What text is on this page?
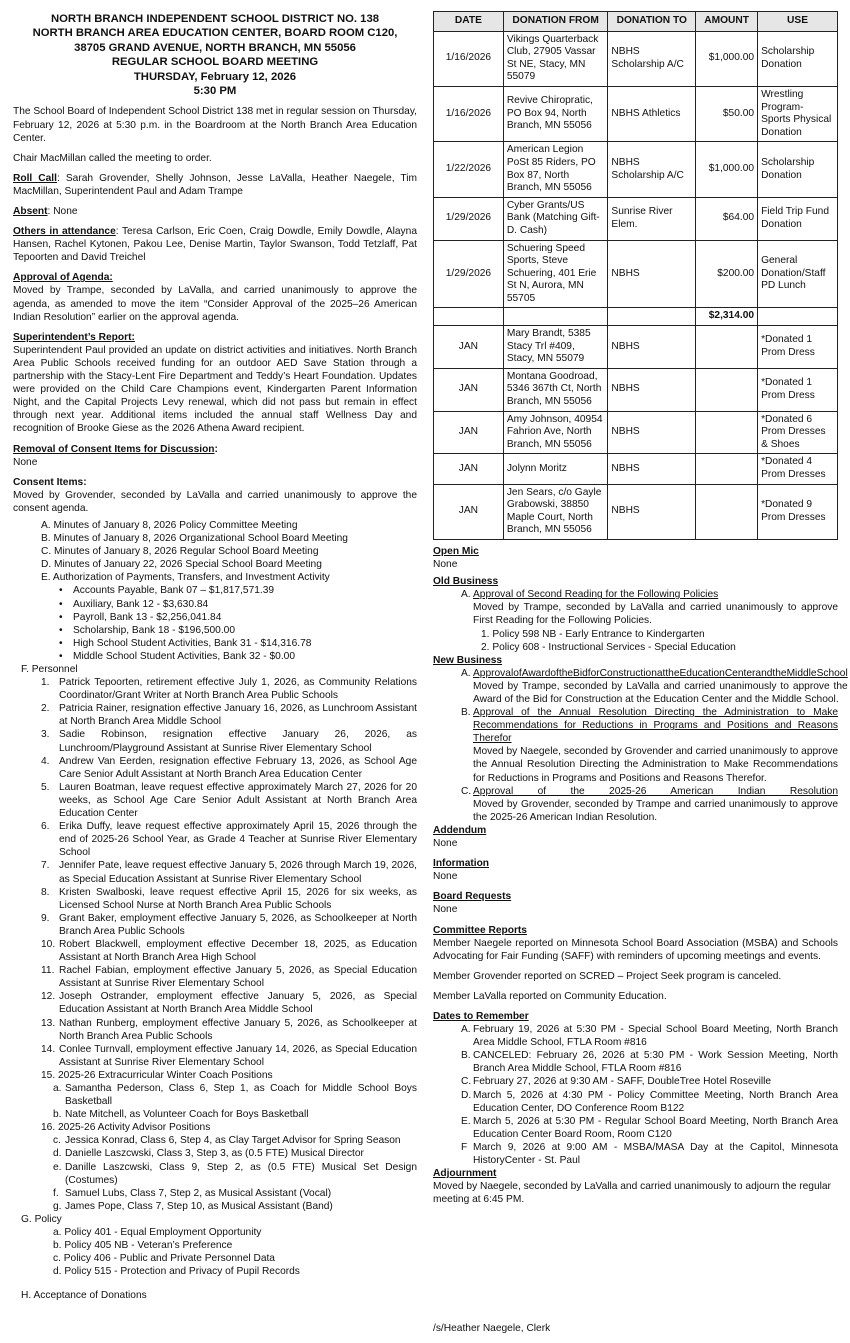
NORTH BRANCH INDEPENDENT SCHOOL DISTRICT NO. 138
NORTH BRANCH AREA EDUCATION CENTER, BOARD ROOM C120,
38705 GRAND AVENUE, NORTH BRANCH, MN 55056
REGULAR SCHOOL BOARD MEETING
THURSDAY, February 12, 2026
5:30 PM

The School Board of Independent School District 138 met in regular session on Thursday, February 12, 2026 at 5:30 p.m. in the Boardroom at the North Branch Area Education Center.

Chair MacMillan called the meeting to order.

Roll Call: Sarah Grovender, Shelly Johnson, Jesse LaValla, Heather Naegele, Tim MacMillan, Superintendent Paul and Adam Trampe

Absent: None

Others in attendance: Teresa Carlson, Eric Coen, Craig Dowdle, Emily Dowdle, Alayna Hansen, Rachel Kytonen, Pakou Lee, Denise Martin, Taylor Swanson, Todd Tetzlaff, Pat Tepoorten and David Treichel

Approval of Agenda:

Moved by Trampe, seconded by LaValla, and carried unanimously to approve the agenda, as amended to move the item “Consider Approval of the 2025–26 American Indian Resolution” earlier on the approval agenda.

Superintendent’s Report:

Superintendent Paul provided an update on district activities and initiatives. North Branch Area Public Schools received funding for an outdoor AED Save Station through a partnership with the Stacy-Lent Fire Department and Teddy’s Heart Foundation. Updates were provided on the Child Care Champions event, Kindergarten Parent Information Night, and the Capital Projects Levy renewal, which did not pass but remain in effect through next year. Additional items included the annual staff Wellness Day and recognition of Brooke Giese as the 2026 Athena Award recipient.

Removal of Consent Items for Discussion:

None

Consent Items:

Moved by Grovender, seconded by LaValla and carried unanimously to approve the consent agenda.

A. Minutes of January 8, 2026 Policy Committee Meeting
B. Minutes of January 8, 2026 Organizational School Board Meeting
C. Minutes of January 8, 2026 Regular School Board Meeting
D. Minutes of January 22, 2026 Special School Board Meeting
E. Authorization of Payments, Transfers, and Investment Activity
•	Accounts Payable, Bank 07 – $1,817,571.39
•	Auxiliary, Bank 12 - $3,630.84
•	Payroll, Bank 13 - $2,256,041.84
•	Scholarship, Bank 18 - $196,500.00
•	High School Student Activities, Bank 31 - $14,316.78
•	Middle School Student Activities, Bank 32 - $0.00
F. Personnel
1. Patrick Tepoorten, retirement effective July 1, 2026, as Community Relations Coordinator/Grant Writer at North Branch Area Public Schools
2. Patricia Rainer, resignation effective January 16, 2026, as Lunchroom Assistant at North Branch Area Middle School
3. Sadie Robinson, resignation effective January 26, 2026, as Lunchroom/Playground Assistant at Sunrise River Elementary School
4. Andrew Van Eerden, resignation effective February 13, 2026, as School Age Care Senior Adult Assistant at North Branch Area Education Center
5. Lauren Boatman, leave request effective approximately March 27, 2026 for 20 weeks, as School Age Care Senior Adult Assistant at North Branch Area Education Center
6. Erika Duffy, leave request effective approximately April 15, 2026 through the end of 2025-26 School Year, as Grade 4 Teacher at Sunrise River Elementary School
7. Jennifer Pate, leave request effective January 5, 2026 through March 19, 2026, as Special Education Assistant at Sunrise River Elementary School
8. Kristen Swalboski, leave request effective April 15, 2026 for six weeks, as Licensed School Nurse at North Branch Area Public Schools
9. Grant Baker, employment effective January 5, 2026, as Schoolkeeper at North Branch Area Public Schools
10. Robert Blackwell, employment effective December 18, 2025, as Education Assistant at North Branch Area High School
11. Rachel Fabian, employment effective January 5, 2026, as Special Education Assistant at Sunrise River Elementary School
12. Joseph Ostrander, employment effective January 5, 2026, as Special Education Assistant at North Branch Area Middle School
13. Nathan Runberg, employment effective January 5, 2026, as Schoolkeeper at North Branch Area Public Schools
14. Conlee Turnvall, employment effective January 14, 2026, as Special Education Assistant at Sunrise River Elementary School
15. 2025-26 Extracurricular Winter Coach Positions
a. Samantha Pederson, Class 6, Step 1, as Coach for Middle School Boys Basketball
b. Nate Mitchell, as Volunteer Coach for Boys Basketball
16. 2025-26 Activity Advisor Positions
c. Jessica Konrad, Class 6, Step 4, as Clay Target Advisor for Spring Season
d. Danielle Laszcwski, Class 3, Step 3, as (0.5 FTE) Musical Director
e. Danille Laszcwski, Class 9, Step 2, as (0.5 FTE) Musical Set Design (Costumes)
f. Samuel Lubs, Class 7, Step 2, as Musical Assistant (Vocal)
g. James Pope, Class 7, Step 10, as Musical Assistant (Band)
G. Policy
a. Policy 401 - Equal Employment Opportunity
b. Policy 405 NB - Veteran’s Preference
c. Policy 406 - Public and Private Personnel Data
d. Policy 515 - Protection and Privacy of Pupil Records
H. Acceptance of Donations
DATE	DONATION FROM	DONATION TO	AMOUNT	USE
1/16/2026	Vikings Quarterback Club, 27905 Vassar St NE, Stacy, MN 55079	NBHS Scholarship A/C	$1,000.00	Scholarship Donation
1/16/2026	Revive Chiropratic, PO Box 94, North Branch, MN 55056	NBHS Athletics	$50.00	Wrestling Program- Sports Physical Donation
1/22/2026	American Legion PoSt 85 Riders, PO Box 87, North Branch, MN 55056	NBHS Scholarship A/C	$1,000.00	Scholarship Donation
1/29/2026	Cyber Grants/US Bank (Matching Gift-D. Cash)	Sunrise River Elem.	$64.00	Field Trip Fund Donation
1/29/2026	Schuering Speed Sports, Steve Schuering, 401 Erie St N, Aurora, MN 55705	NBHS	$200.00	General Donation/Staff PD Lunch
			$2,314.00	
JAN	Mary Brandt, 5385 Stacy Trl #409, Stacy, MN 55079	NBHS		*Donated 1 Prom Dress
JAN	Montana Goodroad, 5346 367th Ct, North Branch, MN 55056	NBHS		*Donated 1 Prom Dress
JAN	Amy Johnson, 40954 Fahrion Ave, North Branch, MN 55056	NBHS		*Donated 6 Prom Dresses & Shoes
JAN	Jolynn Moritz	NBHS		*Donated 4 Prom Dresses
JAN	Jen Sears, c/o Gayle Grabowski, 38850 Maple Court, North Branch, MN 55056	NBHS		*Donated 9 Prom Dresses
Open Mic
None
Old Business
A. Approval of Second Reading for the Following Policies
Moved by Trampe, seconded by LaValla and carried unanimously to approve First Reading for the Following Policies.
1. Policy 598 NB - Early Entrance to Kindergarten
2. Policy 608 - Instructional Services - Special Education
New Business
A. ApprovalofAwardoftheBidforConstructionattheEducationCenterandtheMiddleSchool
Moved by Trampe, seconded by LaValla and carried unanimously to approve the Award of the Bid for Construction at the Education Center and the Middle School.
B. Approval of the Annual Resolution Directing the Administration to Make Recommendations for Reductions in Programs and Positions and Reasons Therefor
Moved by Naegele, seconded by Grovender and carried unanimously to approve the Annual Resolution Directing the Administration to Make Recommendations for Reductions in Programs and Positions and Reasons Therefor.
C. Approval of the 2025-26 American Indian Resolution
Moved by Grovender, seconded by Trampe and carried unanimously to approve the 2025-26 American Indian Resolution.
Addendum
None
Information
None
Board Requests
None
Committee Reports

Member Naegele reported on Minnesota School Board Association (MSBA) and Schools Advocating for Fair Funding (SAFF) with reminders of upcoming meetings and events.

Member Grovender reported on SCRED – Project Seek program is canceled.

Member LaValla reported on Community Education.

Dates to Remember
A. February 19, 2026 at 5:30 PM - Special School Board Meeting, North Branch Area Middle School, FTLA Room #816
B. CANCELED: February 26, 2026 at 5:30 PM - Work Session Meeting, North Branch Area Middle School, FTLA Room #816
C. February 27, 2026 at 9:30 AM - SAFF, DoubleTree Hotel Roseville
D. March 5, 2026 at 4:30 PM - Policy Committee Meeting, North Branch Area Education Center, DO Conference Room B122
E. March 5, 2026 at 5:30 PM - Regular School Board Meeting, North Branch Area Education Center Board Room, Room C120
F March 9, 2026 at 9:00 AM - MSBA/MASA Day at the Capitol, Minnesota HistoryCenter - St. Paul
Adjournment

Moved by Naegele, seconded by LaValla and carried unanimously to adjourn the regular meeting at 6:45 PM.

/s/Heather Naegele, Clerk
